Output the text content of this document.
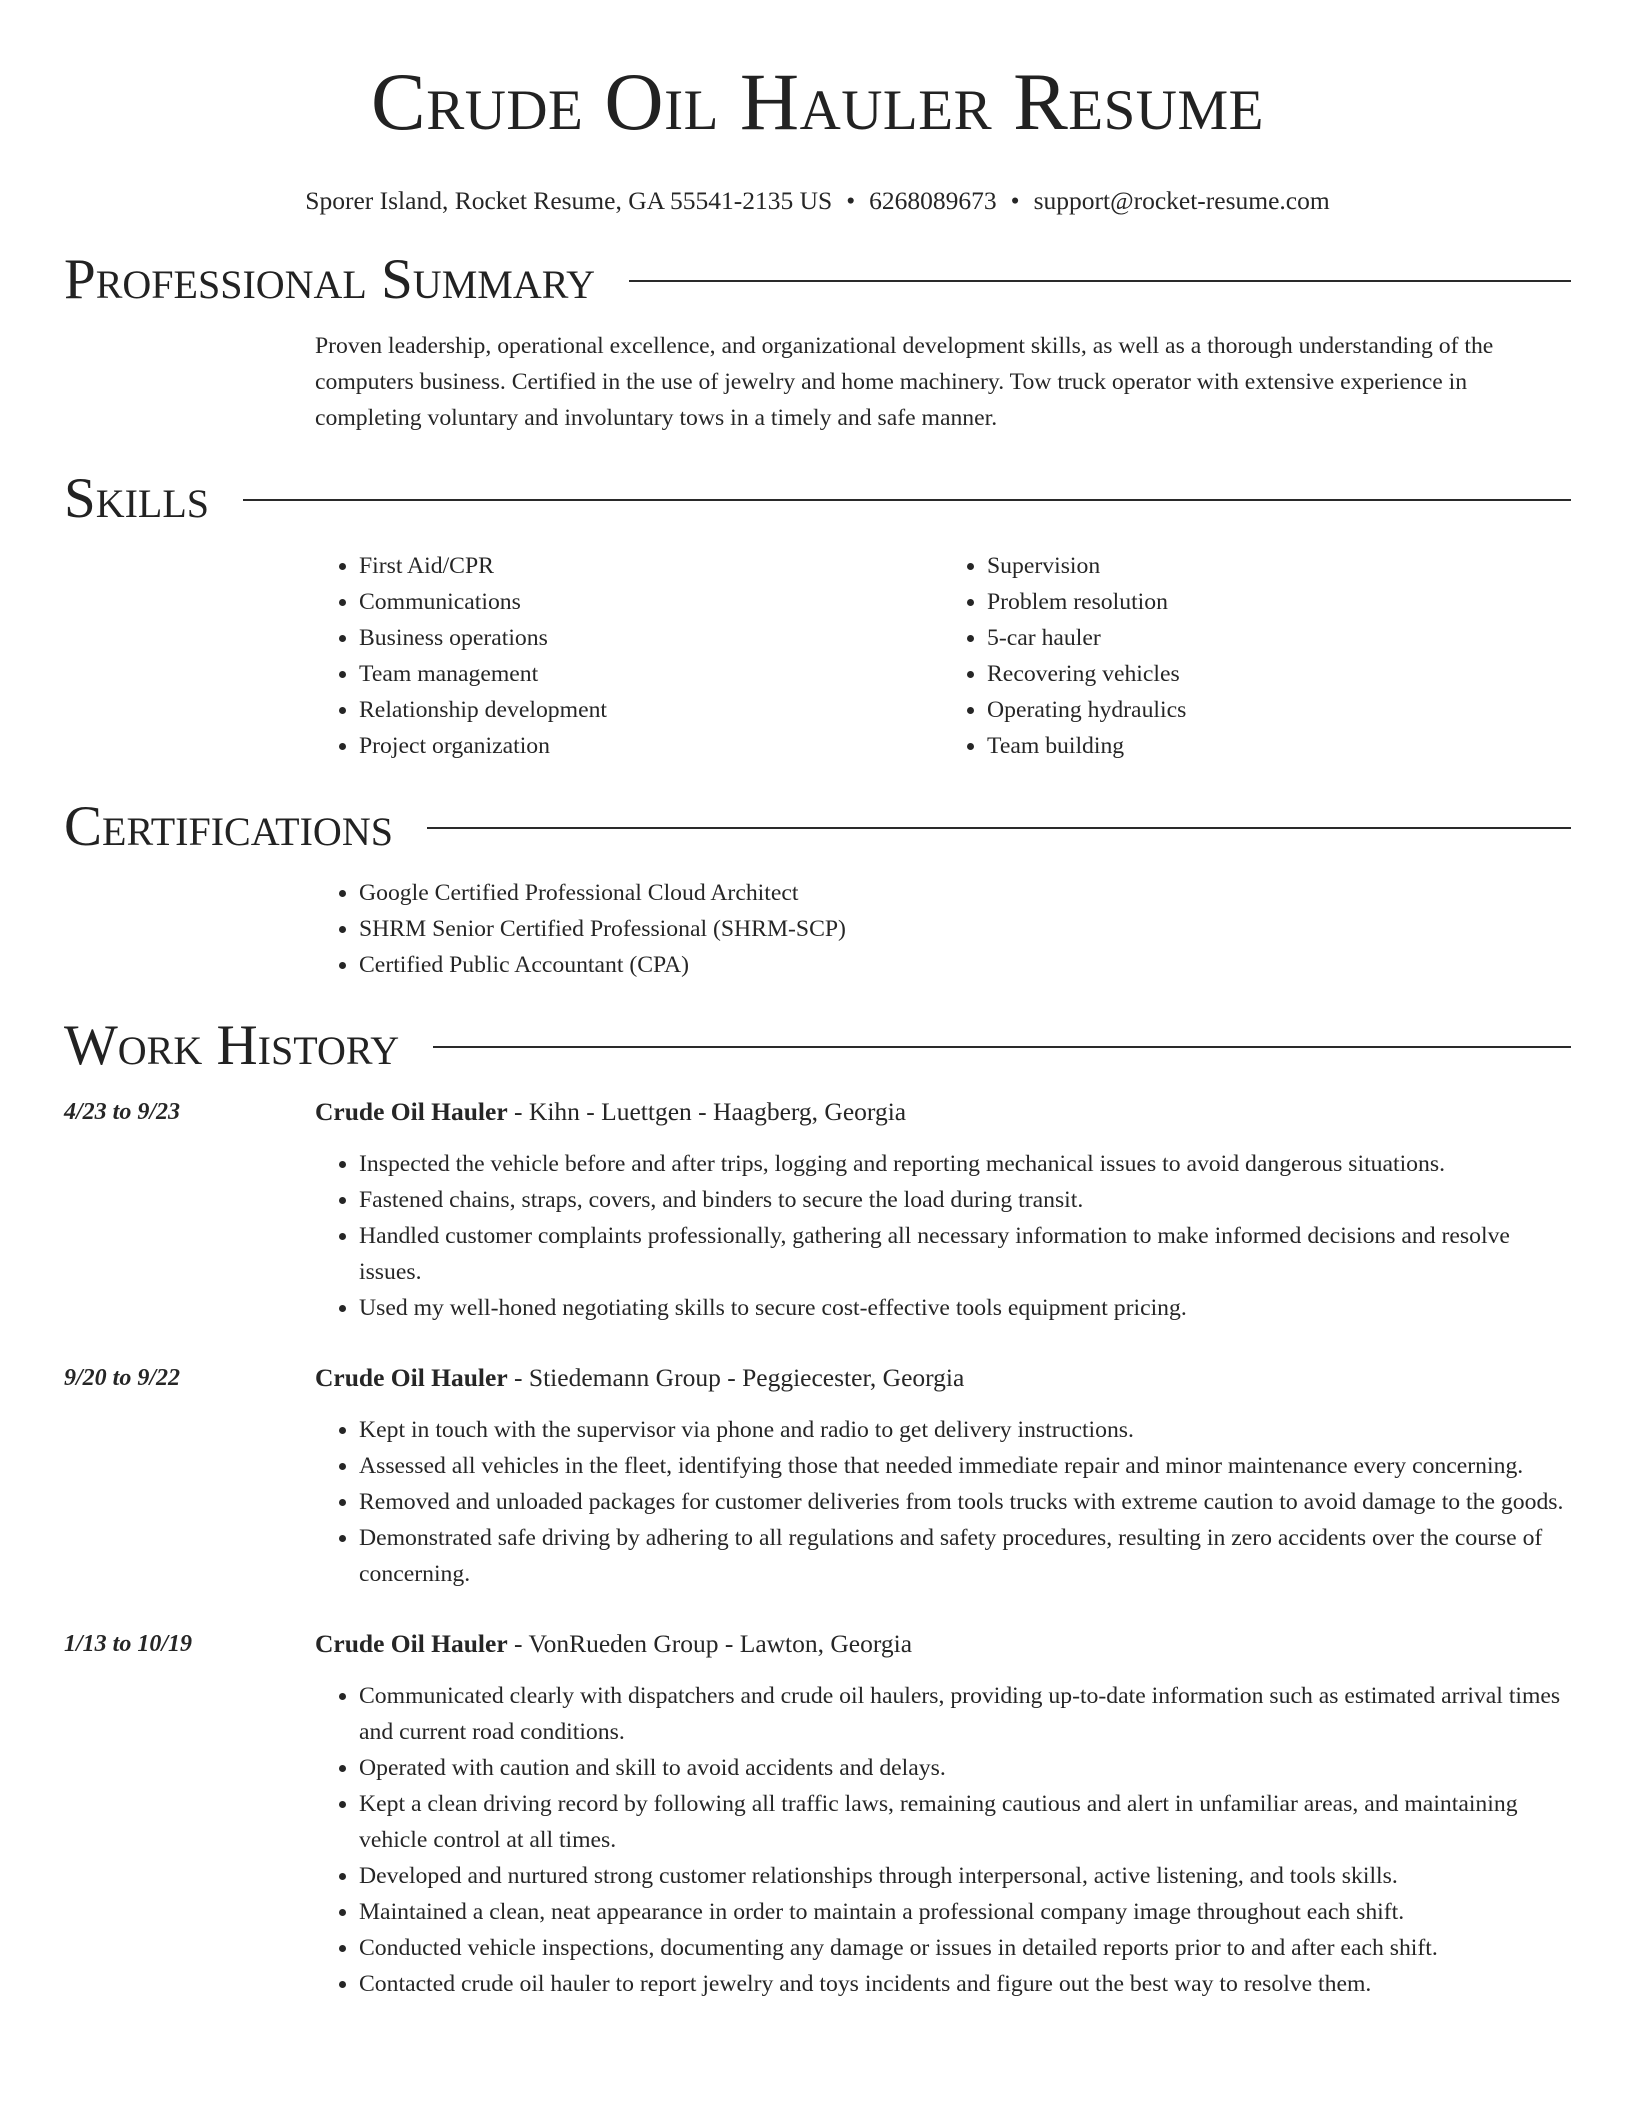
Crude Oil Hauler Resume
Sporer Island, Rocket Resume, GA 55541-2135 US • 6268089673 • support@rocket-resume.com
Professional Summary
Proven leadership, operational excellence, and organizational development skills, as well as a thorough understanding of the computers business. Certified in the use of jewelry and home machinery. Tow truck operator with extensive experience in completing voluntary and involuntary tows in a timely and safe manner.
Skills
• First Aid/CPR
• Communications
• Business operations
• Team management
• Relationship development
• Project organization
• Supervision
• Problem resolution
• 5-car hauler
• Recovering vehicles
• Operating hydraulics
• Team building
Certifications
• Google Certified Professional Cloud Architect
• SHRM Senior Certified Professional (SHRM-SCP)
• Certified Public Accountant (CPA)
Work History
4/23 to 9/23	Crude Oil Hauler - Kihn - Luettgen - Haagberg, Georgia
• Inspected the vehicle before and after trips, logging and reporting mechanical issues to avoid dangerous situations.
• Fastened chains, straps, covers, and binders to secure the load during transit.
• Handled customer complaints professionally, gathering all necessary information to make informed decisions and resolve issues.
• Used my well-honed negotiating skills to secure cost-effective tools equipment pricing.
9/20 to 9/22	Crude Oil Hauler - Stiedemann Group - Peggiecester, Georgia
• Kept in touch with the supervisor via phone and radio to get delivery instructions.
• Assessed all vehicles in the fleet, identifying those that needed immediate repair and minor maintenance every concerning.
• Removed and unloaded packages for customer deliveries from tools trucks with extreme caution to avoid damage to the goods.
• Demonstrated safe driving by adhering to all regulations and safety procedures, resulting in zero accidents over the course of concerning.
1/13 to 10/19	Crude Oil Hauler - VonRueden Group - Lawton, Georgia
• Communicated clearly with dispatchers and crude oil haulers, providing up-to-date information such as estimated arrival times and current road conditions.
• Operated with caution and skill to avoid accidents and delays.
• Kept a clean driving record by following all traffic laws, remaining cautious and alert in unfamiliar areas, and maintaining vehicle control at all times.
• Developed and nurtured strong customer relationships through interpersonal, active listening, and tools skills.
• Maintained a clean, neat appearance in order to maintain a professional company image throughout each shift.
• Conducted vehicle inspections, documenting any damage or issues in detailed reports prior to and after each shift.
• Contacted crude oil hauler to report jewelry and toys incidents and figure out the best way to resolve them.
